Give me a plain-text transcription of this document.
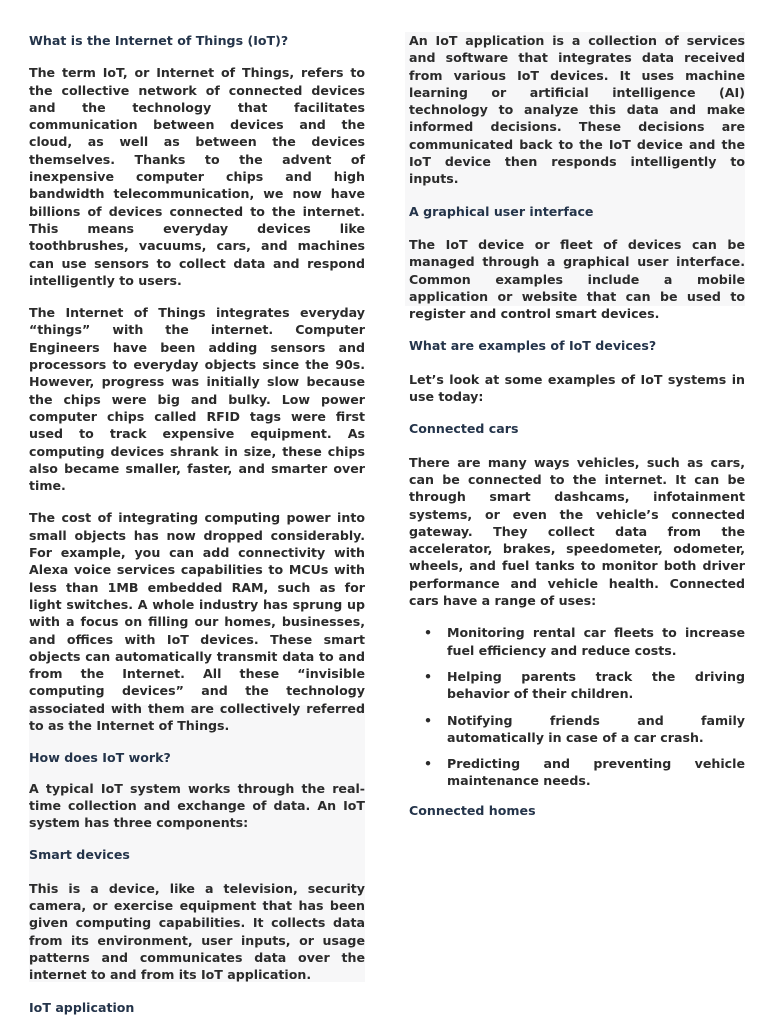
What is the Internet of Things (IoT)?

The term IoT, or Internet of Things, refers to the collective network of connected devices and the technology that facilitates communication between devices and the cloud, as well as between the devices themselves. Thanks to the advent of inexpensive computer chips and high bandwidth telecommunication, we now have billions of devices connected to the internet. This means everyday devices like toothbrushes, vacuums, cars, and machines can use sensors to collect data and respond intelligently to users.

The Internet of Things integrates everyday “things” with the internet. Computer Engineers have been adding sensors and processors to everyday objects since the 90s. However, progress was initially slow because the chips were big and bulky. Low power computer chips called RFID tags were first used to track expensive equipment. As computing devices shrank in size, these chips also became smaller, faster, and smarter over time.

The cost of integrating computing power into small objects has now dropped considerably. For example, you can add connectivity with Alexa voice services capabilities to MCUs with less than 1MB embedded RAM, such as for light switches. A whole industry has sprung up with a focus on filling our homes, businesses, and offices with IoT devices. These smart objects can automatically transmit data to and from the Internet. All these “invisible computing devices” and the technology associated with them are collectively referred to as the Internet of Things.

How does IoT work?

A typical IoT system works through the real-time collection and exchange of data. An IoT system has three components:

Smart devices

This is a device, like a television, security camera, or exercise equipment that has been given computing capabilities. It collects data from its environment, user inputs, or usage patterns and communicates data over the internet to and from its IoT application.

IoT application

An IoT application is a collection of services and software that integrates data received from various IoT devices. It uses machine learning or artificial intelligence (AI) technology to analyze this data and make informed decisions. These decisions are communicated back to the IoT device and the IoT device then responds intelligently to inputs.

A graphical user interface

The IoT device or fleet of devices can be managed through a graphical user interface. Common examples include a mobile application or website that can be used to register and control smart devices.

What are examples of IoT devices?

Let’s look at some examples of IoT systems in use today:

Connected cars

There are many ways vehicles, such as cars, can be connected to the internet. It can be through smart dashcams, infotainment systems, or even the vehicle’s connected gateway. They collect data from the accelerator, brakes, speedometer, odometer, wheels, and fuel tanks to monitor both driver performance and vehicle health. Connected cars have a range of uses:

• Monitoring rental car fleets to increase fuel efficiency and reduce costs.
• Helping parents track the driving behavior of their children.
• Notifying friends and family automatically in case of a car crash.
• Predicting and preventing vehicle maintenance needs.
Connected homes
